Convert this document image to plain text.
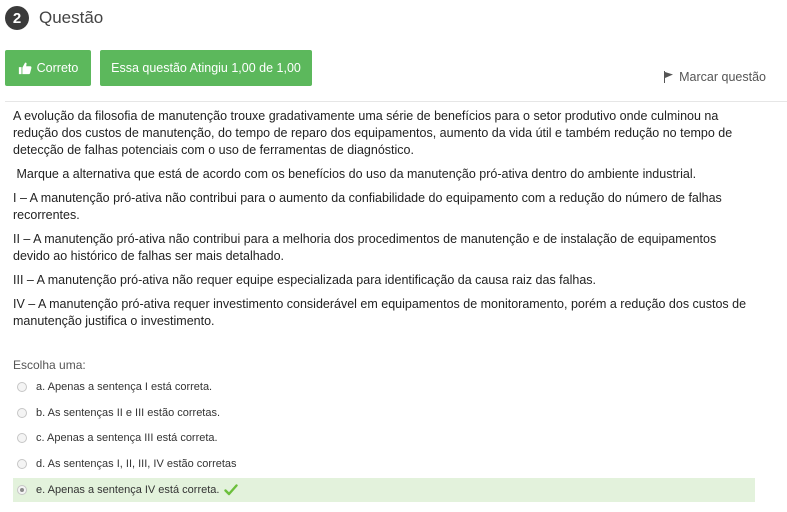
2	Questão
Correto	Essa questão Atingiu 1,00 de 1,00
Marcar questão

A evolução da filosofia de manutenção trouxe gradativamente uma série de benefícios para o setor produtivo onde culminou na redução dos custos de manutenção, do tempo de reparo dos equipamentos, aumento da vida útil e também redução no tempo de detecção de falhas potenciais com o uso de ferramentas de diagnóstico.

Marque a alternativa que está de acordo com os benefícios do uso da manutenção pró-ativa dentro do ambiente industrial.

I – A manutenção pró-ativa não contribui para o aumento da confiabilidade do equipamento com a redução do número de falhas recorrentes.

II – A manutenção pró-ativa não contribui para a melhoria dos procedimentos de manutenção e de instalação de equipamentos devido ao histórico de falhas ser mais detalhado.

III – A manutenção pró-ativa não requer equipe especializada para identificação da causa raiz das falhas.

IV – A manutenção pró-ativa requer investimento considerável em equipamentos de monitoramento, porém a redução dos custos de manutenção justifica o investimento.

Escolha uma:
a. Apenas a sentença I está correta.
b. As sentenças II e III estão corretas.
c. Apenas a sentença III está correta.
d. As sentenças I, II, III, IV estão corretas
e. Apenas a sentença IV está correta.
